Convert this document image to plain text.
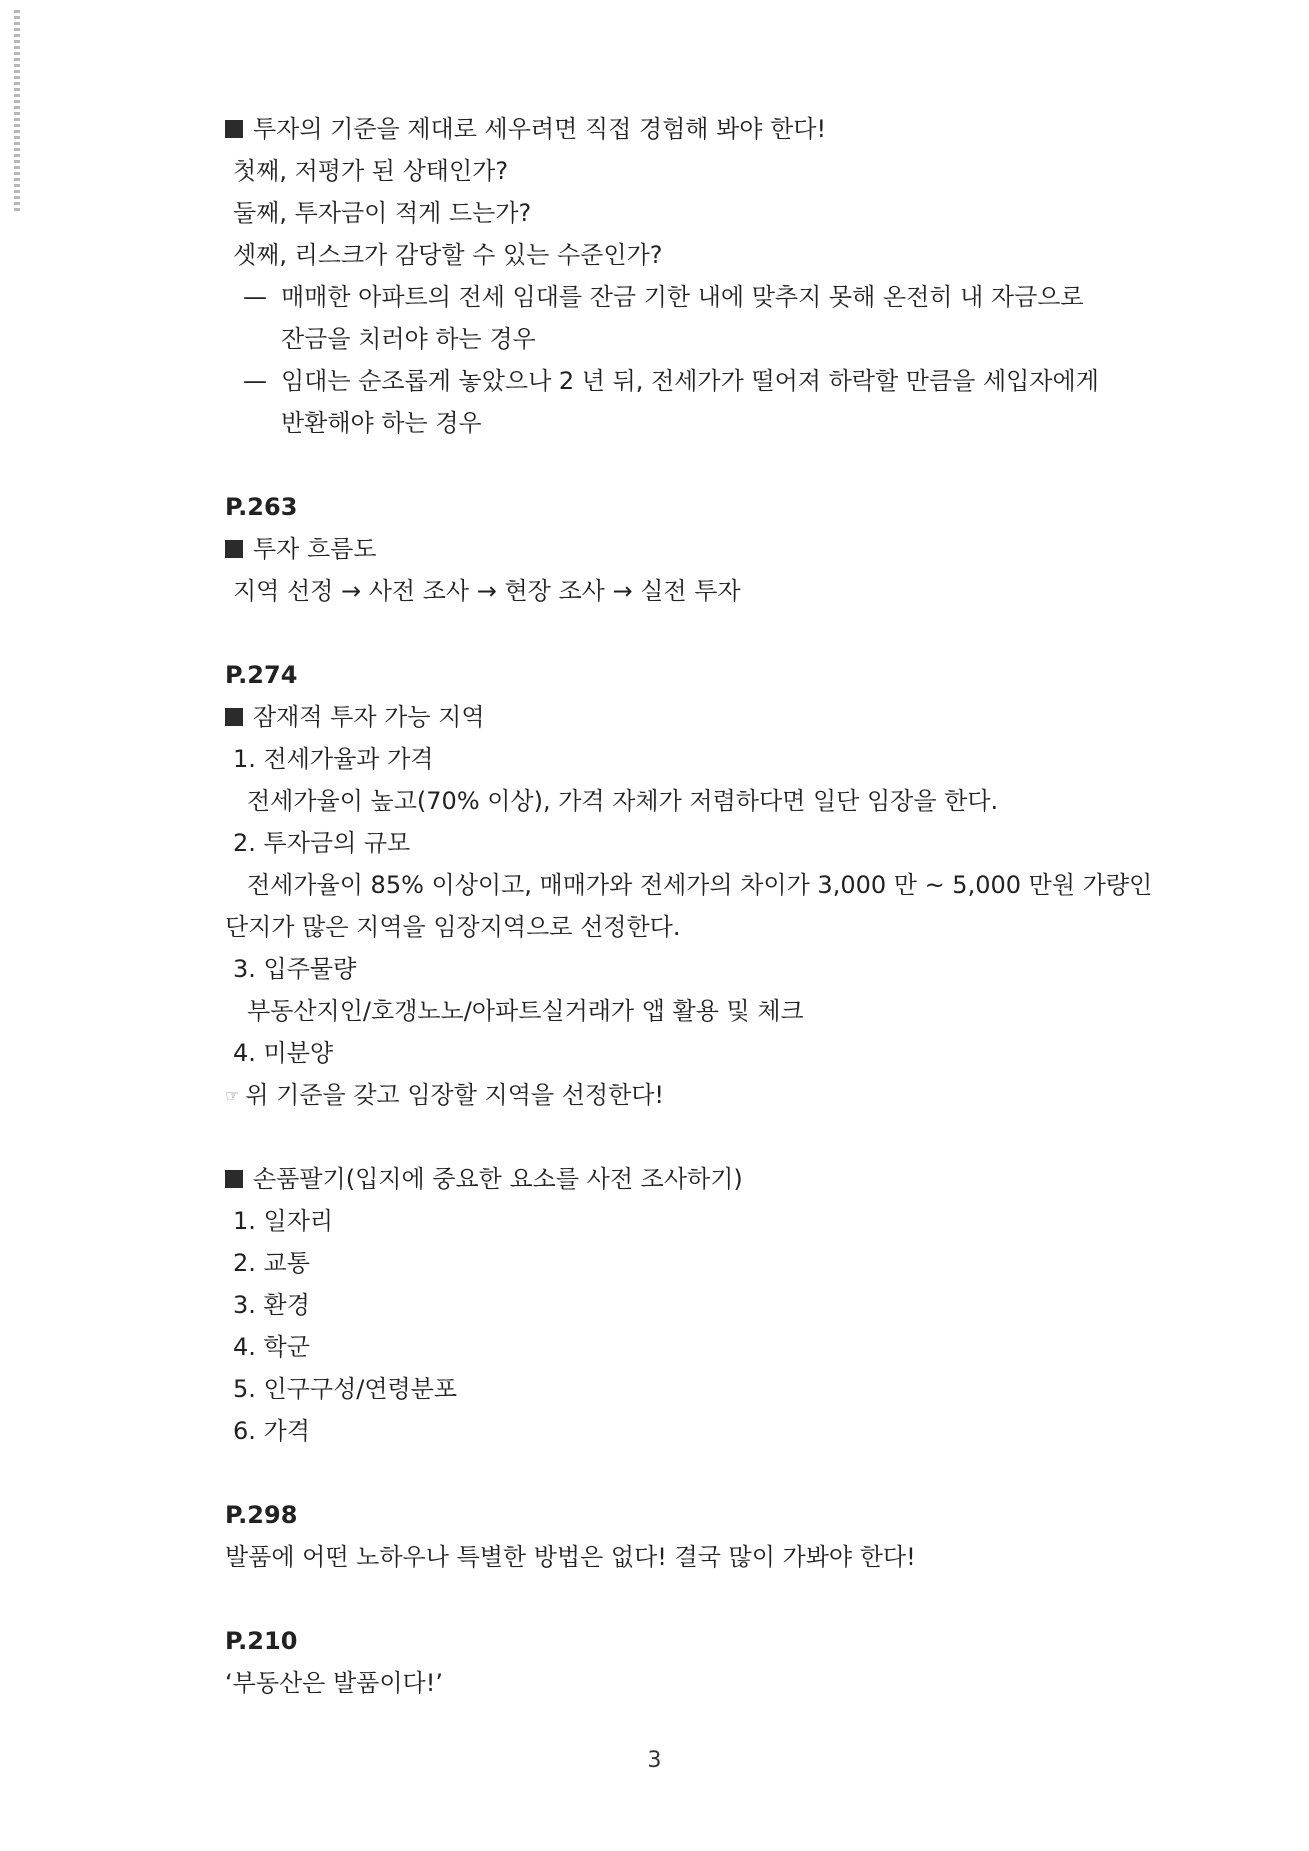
투자의 기준을 제대로 세우려면 직접 경험해 봐야 한다!
첫째, 저평가 된 상태인가?
둘째, 투자금이 적게 드는가?
셋째, 리스크가 감당할 수 있는 수준인가?
— 매매한 아파트의 전세 임대를 잔금 기한 내에 맞추지 못해 온전히 내 자금으로
잔금을 치러야 하는 경우
— 임대는 순조롭게 놓았으나 2 년 뒤, 전세가가 떨어져 하락할 만큼을 세입자에게
반환해야 하는 경우
P.263
투자 흐름도
지역 선정 → 사전 조사 → 현장 조사 → 실전 투자
P.274
잠재적 투자 가능 지역
1. 전세가율과 가격
전세가율이 높고(70% 이상), 가격 자체가 저렴하다면 일단 임장을 한다.
2. 투자금의 규모
전세가율이 85% 이상이고, 매매가와 전세가의 차이가 3,000 만 ~ 5,000 만원 가량인
단지가 많은 지역을 임장지역으로 선정한다.
3. 입주물량
부동산지인/호갱노노/아파트실거래가 앱 활용 및 체크
4. 미분양
☞ 위 기준을 갖고 임장할 지역을 선정한다!
손품팔기(입지에 중요한 요소를 사전 조사하기)
1. 일자리
2. 교통
3. 환경
4. 학군
5. 인구구성/연령분포
6. 가격
P.298
발품에 어떤 노하우나 특별한 방법은 없다! 결국 많이 가봐야 한다!
P.210
‘부동산은 발품이다!’
3
